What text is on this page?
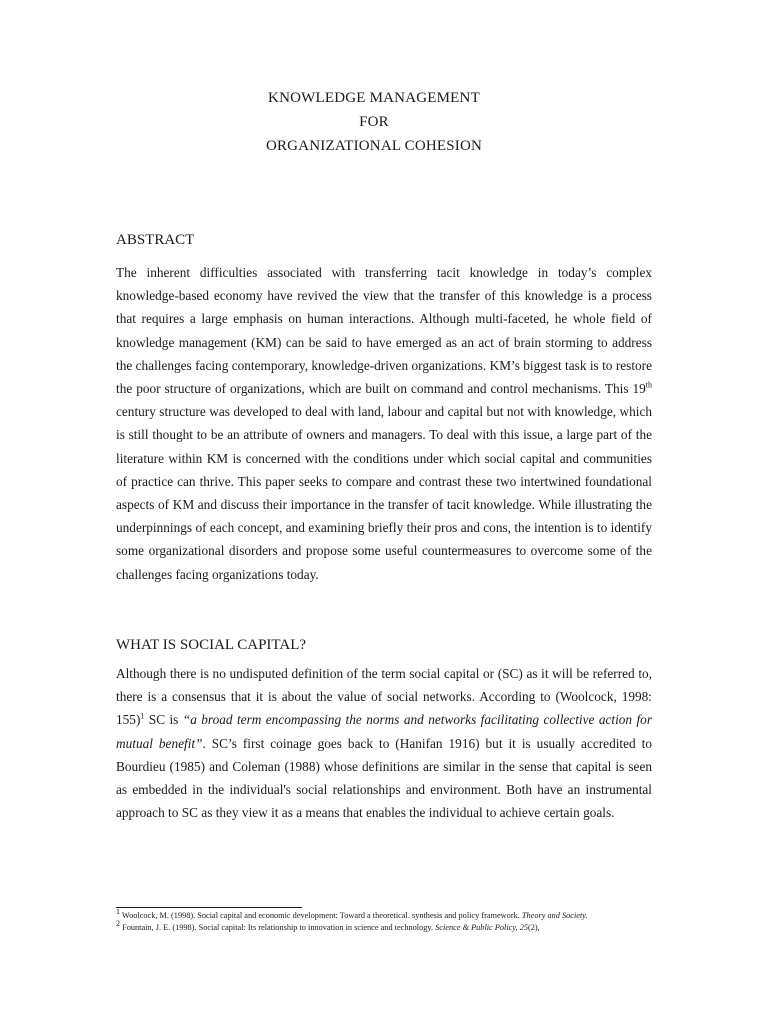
KNOWLEDGE MANAGEMENT
FOR
ORGANIZATIONAL COHESION
ABSTRACT

The inherent difficulties associated with transferring tacit knowledge in today’s complex knowledge-based economy have revived the view that the transfer of this knowledge is a process that requires a large emphasis on human interactions. Although multi-faceted, he whole field of knowledge management (KM) can be said to have emerged as an act of brain storming to address the challenges facing contemporary, knowledge-driven organizations. KM’s biggest task is to restore the poor structure of organizations, which are built on command and control mechanisms. This 19th century structure was developed to deal with land, labour and capital but not with knowledge, which is still thought to be an attribute of owners and managers. To deal with this issue, a large part of the literature within KM is concerned with the conditions under which social capital and communities of practice can thrive. This paper seeks to compare and contrast these two intertwined foundational aspects of KM and discuss their importance in the transfer of tacit knowledge. While illustrating the underpinnings of each concept, and examining briefly their pros and cons, the intention is to identify some organizational disorders and propose some useful countermeasures to overcome some of the challenges facing organizations today.

WHAT IS SOCIAL CAPITAL?

Although there is no undisputed definition of the term social capital or (SC) as it will be referred to, there is a consensus that it is about the value of social networks. According to (Woolcock, 1998: 155)$^1$ SC is “a broad term encompassing the norms and networks facilitating collective action for mutual benefit”. SC’s first coinage goes back to (Hanifan 1916) but it is usually accredited to Bourdieu (1985) and Coleman (1988) whose definitions are similar in the sense that capital is seen as embedded in the individual's social relationships and environment. Both have an instrumental approach to SC as they view it as a means that enables the individual to achieve certain goals.

$^1$ Woolcock, M. (1998). Social capital and economic development: Toward a theoretical. synthesis and policy framework. Theory and Society.

$^2$ Fountain, J. E. (1998). Social capital: Its relationship to innovation in science and technology. Science & Public Policy, 25(2),
